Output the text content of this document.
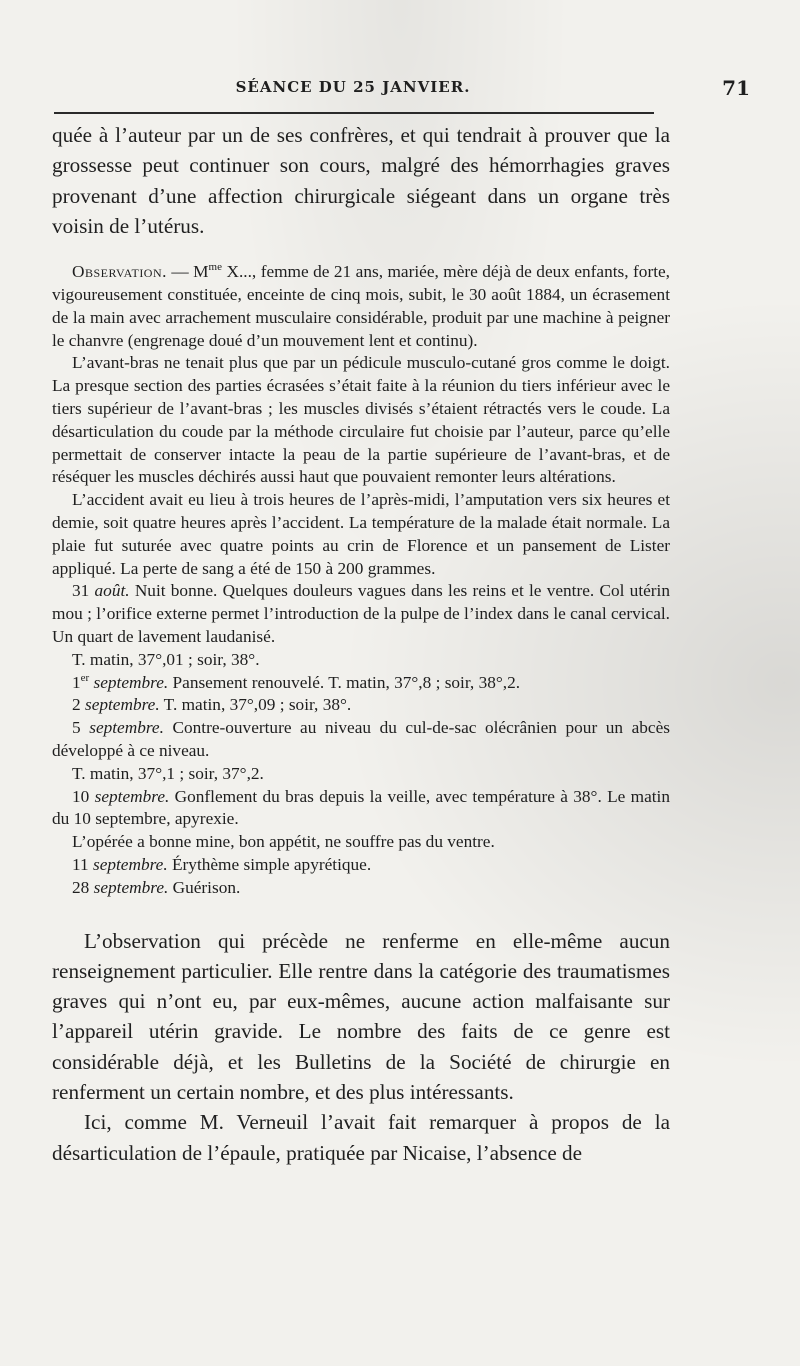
SÉANCE DU 25 JANVIER.	71

quée à l’auteur par un de ses confrères, et qui tendrait à prouver que la grossesse peut continuer son cours, malgré des hémorrhagies graves provenant d’une affection chirurgicale siégeant dans un organe très voisin de l’utérus.

Observation. — $M^{me}$ X..., femme de 21 ans, mariée, mère déjà de deux enfants, forte, vigoureusement constituée, enceinte de cinq mois, subit, le 30 août 1884, un écrasement de la main avec arrachement musculaire considérable, produit par une machine à peigner le chanvre (engrenage doué d’un mouvement lent et continu).

L’avant-bras ne tenait plus que par un pédicule musculo-cutané gros comme le doigt. La presque section des parties écrasées s’était faite à la réunion du tiers inférieur avec le tiers supérieur de l’avant-bras ; les muscles divisés s’étaient rétractés vers le coude. La désarticulation du coude par la méthode circulaire fut choisie par l’auteur, parce qu’elle permettait de conserver intacte la peau de la partie supérieure de l’avant-bras, et de réséquer les muscles déchirés aussi haut que pouvaient remonter leurs altérations.

L’accident avait eu lieu à trois heures de l’après-midi, l’amputation vers six heures et demie, soit quatre heures après l’accident. La température de la malade était normale. La plaie fut suturée avec quatre points au crin de Florence et un pansement de Lister appliqué. La perte de sang a été de 150 à 200 grammes.

31 août. Nuit bonne. Quelques douleurs vagues dans les reins et le ventre. Col utérin mou ; l’orifice externe permet l’introduction de la pulpe de l’index dans le canal cervical. Un quart de lavement laudanisé.

T. matin, 37°,01 ; soir, 38°.

1er septembre. Pansement renouvelé. T. matin, 37°,8 ; soir, 38°,2.

2 septembre. T. matin, 37°,09 ; soir, 38°.

5 septembre. Contre-ouverture au niveau du cul-de-sac olécrânien pour un abcès développé à ce niveau.

T. matin, 37°,1 ; soir, 37°,2.

10 septembre. Gonflement du bras depuis la veille, avec température à 38°. Le matin du 10 septembre, apyrexie.

L’opérée a bonne mine, bon appétit, ne souffre pas du ventre.

11 septembre. Érythème simple apyrétique.

28 septembre. Guérison.

L’observation qui précède ne renferme en elle-même aucun renseignement particulier. Elle rentre dans la catégorie des traumatismes graves qui n’ont eu, par eux-mêmes, aucune action malfaisante sur l’appareil utérin gravide. Le nombre des faits de ce genre est considérable déjà, et les Bulletins de la Société de chirurgie en renferment un certain nombre, et des plus intéressants.

Ici, comme M. Verneuil l’avait fait remarquer à propos de la désarticulation de l’épaule, pratiquée par Nicaise, l’absence de
